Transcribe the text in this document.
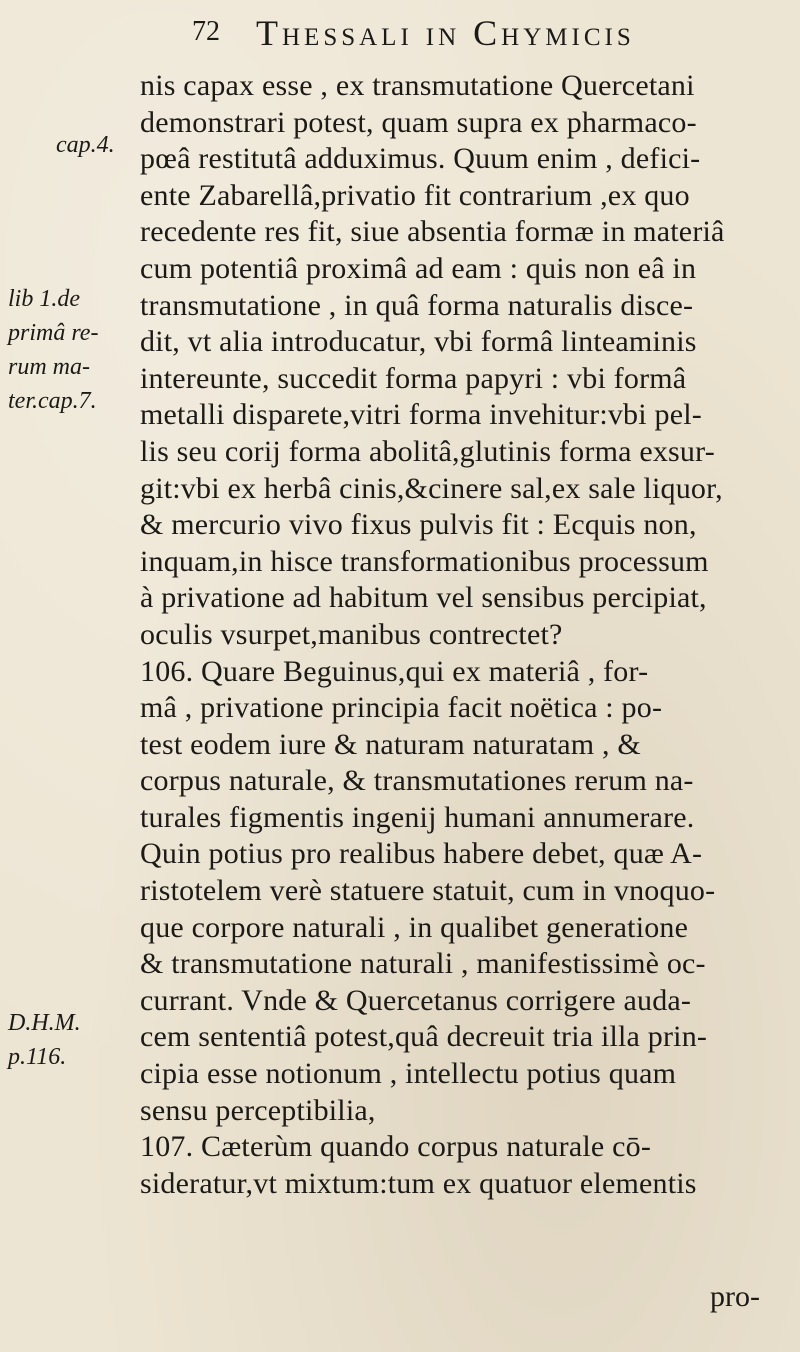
72 Thessali in Chymicis
cap.4.
lib 1.de
primâ re-
rum ma-
ter.cap.7.
D.H.M.
p.116.
nis capax esse , ex transmutatione Quercetani
demonstrari potest, quam supra ex pharmaco-
pœâ restitutâ adduximus. Quum enim , defici-
ente Zabarellâ,privatio fit contrarium ,ex quo
recedente res fit, siue absentia formæ in materiâ
cum potentiâ proximâ ad eam : quis non eâ in
transmutatione , in quâ forma naturalis disce-
dit, vt alia introducatur, vbi formâ linteaminis
intereunte, succedit forma papyri : vbi formâ
metalli disparete,vitri forma invehitur:vbi pel-
lis seu corij forma abolitâ,glutinis forma exsur-
git:vbi ex herbâ cinis,&cinere sal,ex sale liquor,
& mercurio vivo fixus pulvis fit : Ecquis non,
inquam,in hisce transformationibus processum
à privatione ad habitum vel sensibus percipiat,
oculis vsurpet,manibus contrectet?
106. Quare Beguinus,qui ex materiâ , for-
mâ , privatione principia facit noëtica : po-
test eodem iure & naturam naturatam , &
corpus naturale, & transmutationes rerum na-
turales figmentis ingenij humani annumerare.
Quin potius pro realibus habere debet, quæ A-
ristotelem verè statuere statuit, cum in vnoquo-
que corpore naturali , in qualibet generatione
& transmutatione naturali , manifestissimè oc-
currant. Vnde & Quercetanus corrigere auda-
cem sententiâ potest,quâ decreuit tria illa prin-
cipia esse notionum , intellectu potius quam
sensu perceptibilia,
107. Cæterùm quando corpus naturale cō-
sideratur,vt mixtum:tum ex quatuor elementis
pro-
